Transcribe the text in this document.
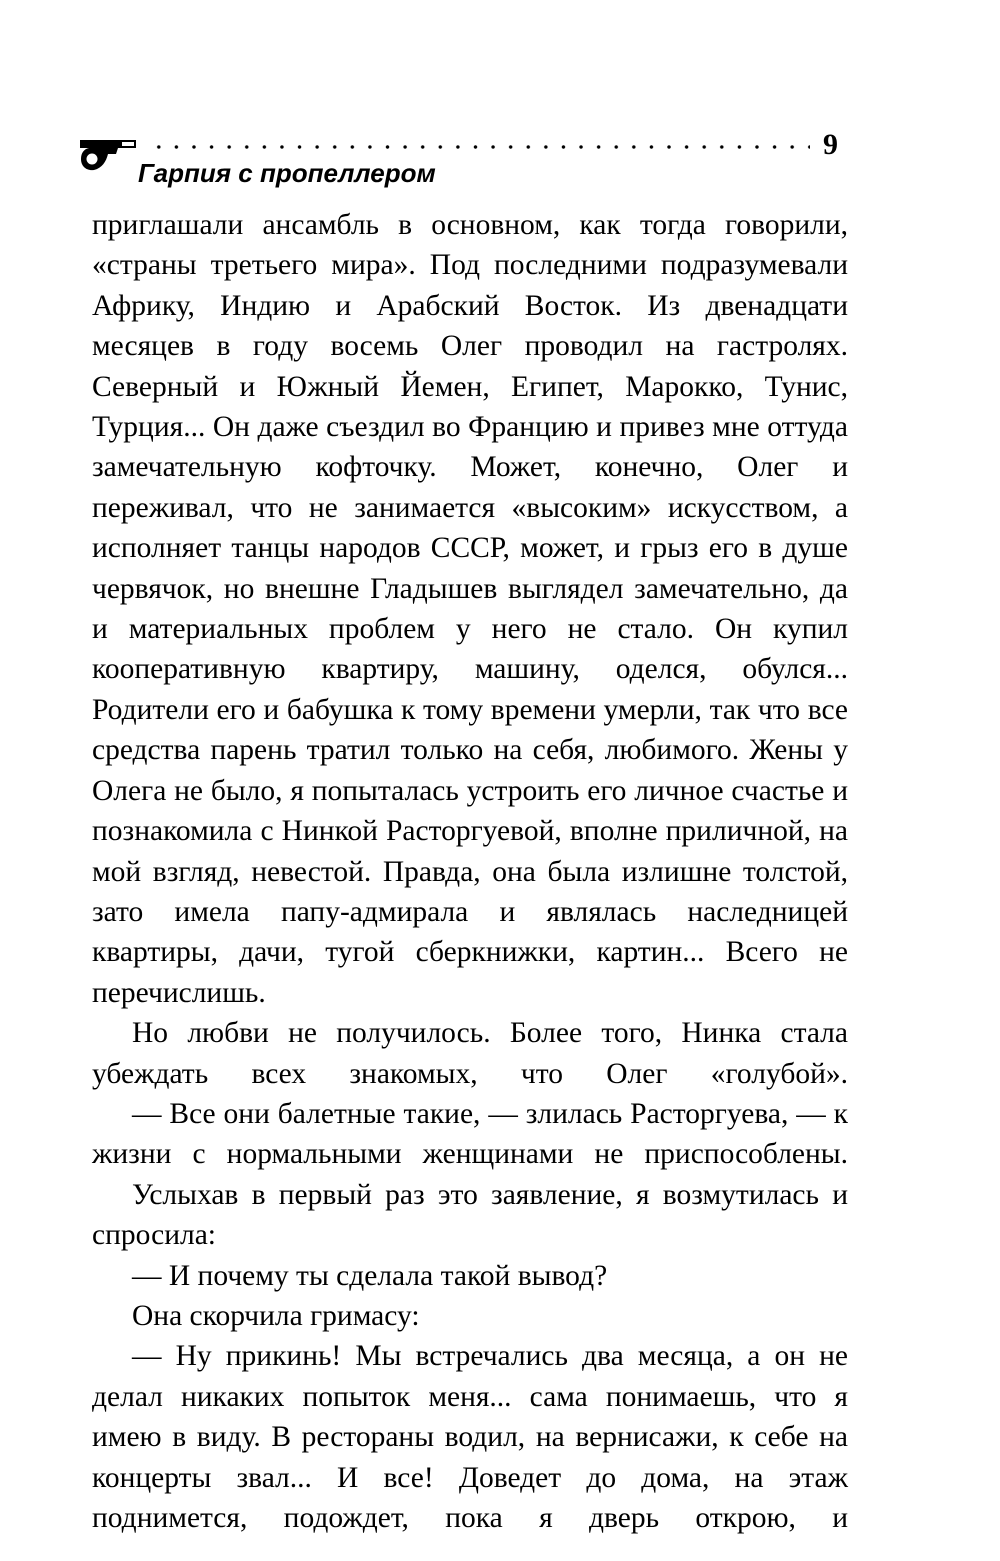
9
Гарпия с пропеллером

приглашали ансамбль в основном, как тогда говорили, «страны третьего мира». Под последними подразумевали Африку, Индию и Арабский Восток. Из двенадцати месяцев в году восемь Олег проводил на гастролях. Северный и Южный Йемен, Египет, Марокко, Тунис, Турция... Он даже съездил во Францию и привез мне оттуда замечательную кофточку. Может, конечно, Олег и переживал, что не занимается «высоким» искусством, а исполняет танцы народов СССР, может, и грыз его в душе червячок, но внешне Гладышев выглядел замечательно, да и материальных проблем у него не стало. Он купил кооперативную квартиру, машину, оделся, обулся... Родители его и бабушка к тому времени умерли, так что все средства парень тратил только на себя, любимого. Жены у Олега не было, я попыталась устроить его личное счастье и познакомила с Нинкой Расторгуевой, вполне приличной, на мой взгляд, невестой. Правда, она была излишне толстой, зато имела папу-адмирала и являлась наследницей квартиры, дачи, тугой сберкнижки, картин... Всего не перечислишь.

Но любви не получилось. Более того, Нинка стала убеждать всех знакомых, что Олег «голубой».

— Все они балетные такие, — злилась Расторгуева, — к жизни с нормальными женщинами не приспособлены.

Услыхав в первый раз это заявление, я возмутилась и спросила:

— И почему ты сделала такой вывод?

Она скорчила гримасу:

— Ну прикинь! Мы встречались два месяца, а он не делал никаких попыток меня... сама понимаешь, что я имею в виду. В рестораны водил, на вернисажи, к себе на концерты звал... И все! Доведет до дома, на этаж поднимется, подождет, пока я дверь открою, и
